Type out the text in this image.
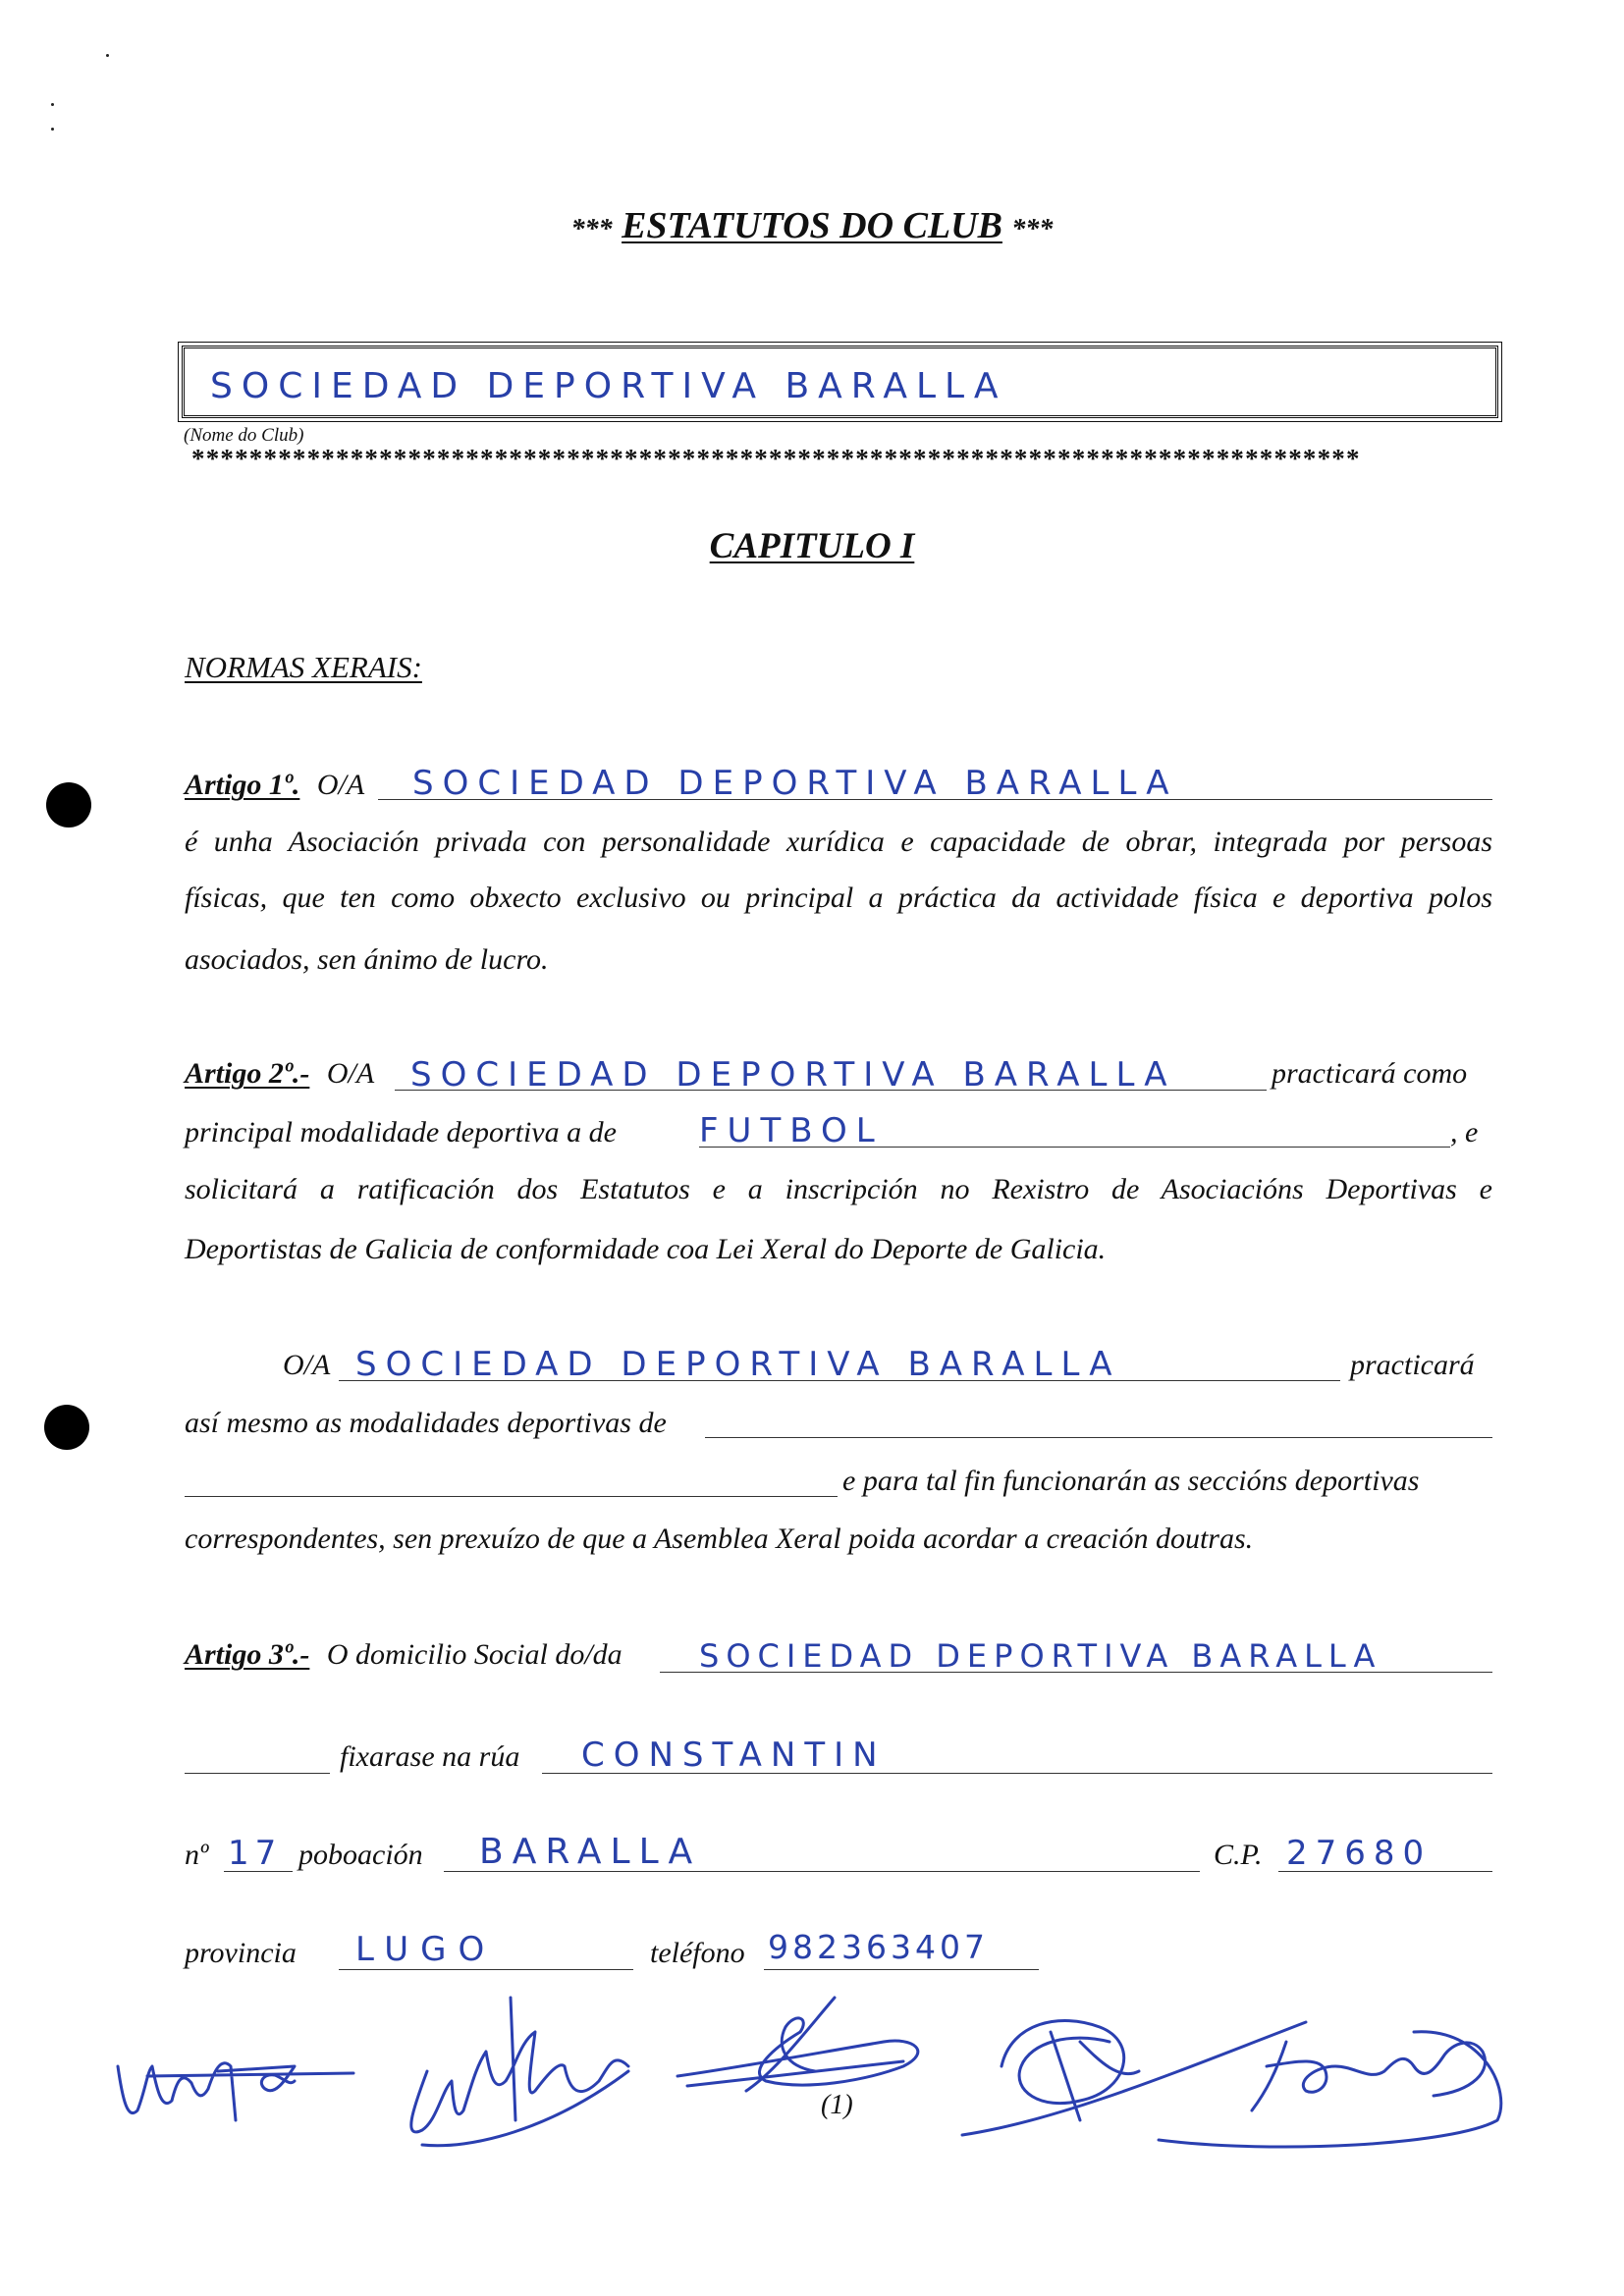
*** ESTATUTOS DO CLUB ***
SOCIEDAD DEPORTIVA BARALLA
(Nome do Club)
*********************************************************************************
CAPITULO I
NORMAS XERAIS:
Artigo 1º. O/A SOCIEDAD DEPORTIVA BARALLA
é unha Asociación privada con personalidade xurídica e capacidade de obrar, integrada por persoas
físicas, que ten como obxecto exclusivo ou principal a práctica da actividade física e deportiva polos
asociados, sen ánimo de lucro.
Artigo 2º.- O/A SOCIEDAD DEPORTIVA BARALLA	practicará como
principal modalidade deportiva a de FUTBOL	, e
solicitará a ratificación dos Estatutos e a inscripción no Rexistro de Asociacións Deportivas e
Deportistas de Galicia de conformidade coa Lei Xeral do Deporte de Galicia.
O/A SOCIEDAD DEPORTIVA BARALLA	practicará
así mesmo as modalidades deportivas de
e para tal fin funcionarán as seccións deportivas
correspondentes, sen prexuízo de que a Asemblea Xeral poida acordar a creación doutras.
Artigo 3º.- O domicilio Social do/da SOCIEDAD DEPORTIVA BARALLA
fixarase na rúa CONSTANTIN
nº 17 poboación BARALLA	C.P. 27680
provincia LUGO	teléfono 982363407
(1)
